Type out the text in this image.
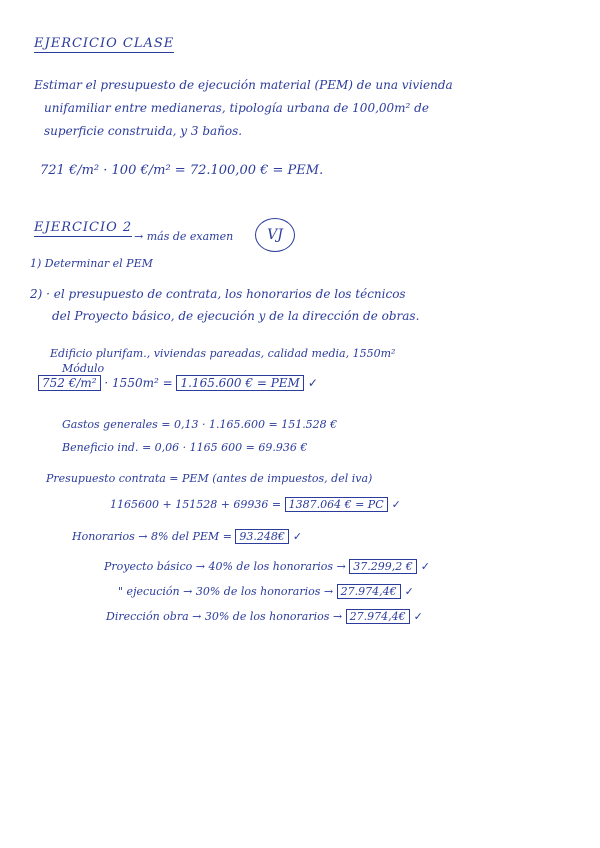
EJERCICIO CLASE
Estimar el presupuesto de ejecución material (PEM) de una vivienda
unifamiliar entre medianeras, tipología urbana de 100,00m² de
superficie construida, y 3 baños.
721 €/m² · 100 €/m² = 72.100,00 € = PEM.
EJERCICIO 2
→ más de examen	VJ
1) Determinar el PEM
2) · el presupuesto de contrata, los honorarios de los técnicos
del Proyecto básico, de ejecución y de la dirección de obras.
Edificio plurifam., viviendas pareadas, calidad media, 1550m²
Módulo
752 €/m² · 1550m² = 1.165.600 € = PEM ✓
Gastos generales = 0,13 · 1.165.600 = 151.528 €
Beneficio ind. = 0,06 · 1165 600 = 69.936 €
Presupuesto contrata = PEM (antes de impuestos, del iva)
1165600 + 151528 + 69936 = 1387.064 € = PC ✓
Honorarios → 8% del PEM = 93.248€ ✓
Proyecto básico → 40% de los honorarios → 37.299,2 € ✓
" ejecución → 30% de los honorarios → 27.974,4€ ✓
Dirección obra → 30% de los honorarios → 27.974,4€ ✓
